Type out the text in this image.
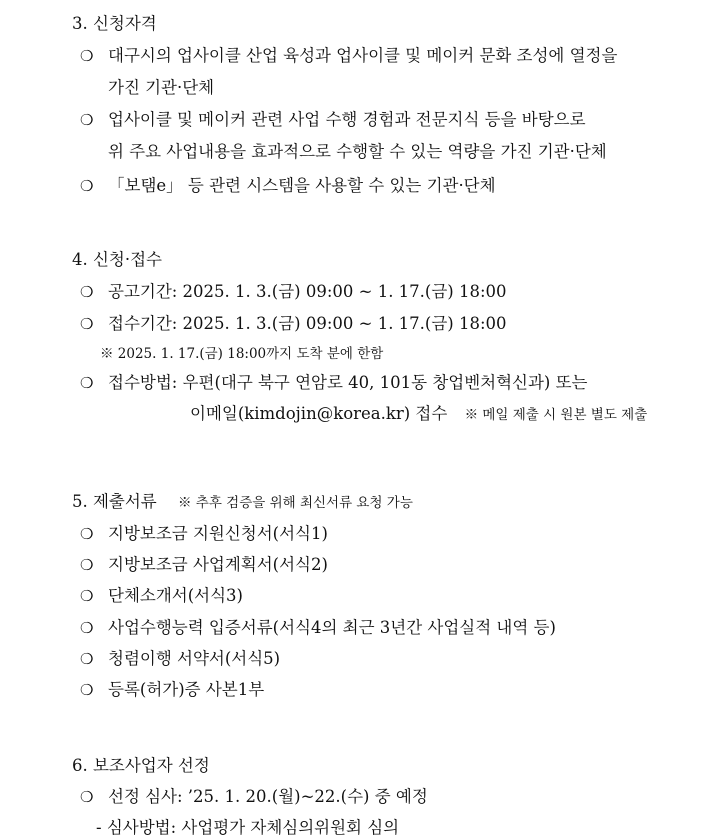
3. 신청자격
❍ 대구시의 업사이클 산업 육성과 업사이클 및 메이커 문화 조성에 열정을
가진 기관·단체
❍ 업사이클 및 메이커 관련 사업 수행 경험과 전문지식 등을 바탕으로
위 주요 사업내용을 효과적으로 수행할 수 있는 역량을 가진 기관·단체
❍ 「보탬e」 등 관련 시스템을 사용할 수 있는 기관·단체
4. 신청·접수
❍ 공고기간: 2025. 1. 3.(금) 09:00 ~ 1. 17.(금) 18:00
❍ 접수기간: 2025. 1. 3.(금) 09:00 ~ 1. 17.(금) 18:00
※ 2025. 1. 17.(금) 18:00까지 도착 분에 한함
❍ 접수방법: 우편(대구 북구 연암로 40, 101동 창업벤처혁신과) 또는
이메일(kimdojin@korea.kr) 접수 ※ 메일 제출 시 원본 별도 제출
5. 제출서류 ※ 추후 검증을 위해 최신서류 요청 가능
❍ 지방보조금 지원신청서(서식1)
❍ 지방보조금 사업계획서(서식2)
❍ 단체소개서(서식3)
❍ 사업수행능력 입증서류(서식4의 최근 3년간 사업실적 내역 등)
❍ 청렴이행 서약서(서식5)
❍ 등록(허가)증 사본1부
6. 보조사업자 선정
❍ 선정 심사: ’25. 1. 20.(월)~22.(수) 중 예정
- 심사방법: 사업평가 자체심의위원회 심의
